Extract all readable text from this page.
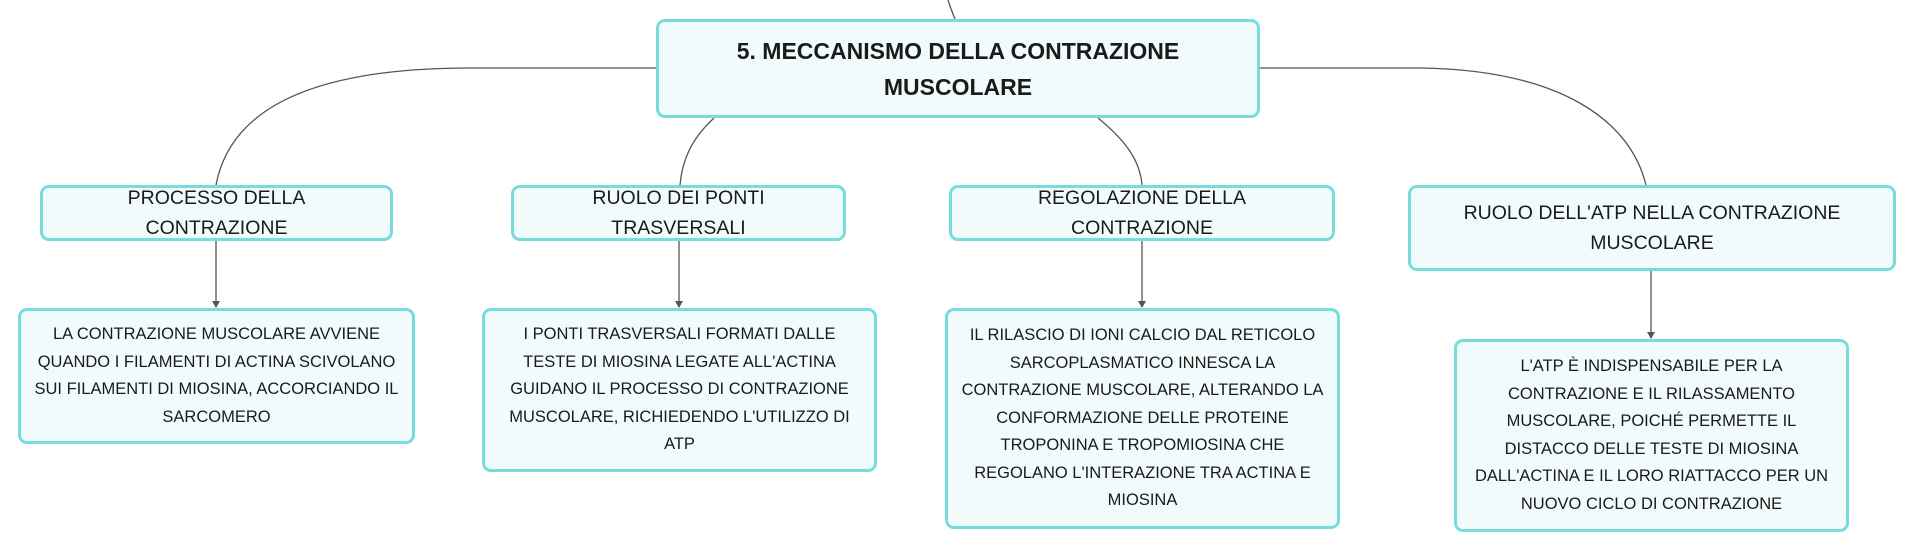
5. MECCANISMO DELLA CONTRAZIONE MUSCOLARE
PROCESSO DELLA CONTRAZIONE
RUOLO DEI PONTI TRASVERSALI
REGOLAZIONE DELLA CONTRAZIONE
RUOLO DELL'ATP NELLA CONTRAZIONE MUSCOLARE
LA CONTRAZIONE MUSCOLARE AVVIENE QUANDO I FILAMENTI DI ACTINA SCIVOLANO SUI FILAMENTI DI MIOSINA, ACCORCIANDO IL SARCOMERO
I PONTI TRASVERSALI FORMATI DALLE TESTE DI MIOSINA LEGATE ALL'ACTINA GUIDANO IL PROCESSO DI CONTRAZIONE MUSCOLARE, RICHIEDENDO L'UTILIZZO DI ATP
IL RILASCIO DI IONI CALCIO DAL RETICOLO SARCOPLASMATICO INNESCA LA CONTRAZIONE MUSCOLARE, ALTERANDO LA CONFORMAZIONE DELLE PROTEINE TROPONINA E TROPOMIOSINA CHE REGOLANO L'INTERAZIONE TRA ACTINA E MIOSINA
L'ATP È INDISPENSABILE PER LA CONTRAZIONE E IL RILASSAMENTO MUSCOLARE, POICHÉ PERMETTE IL DISTACCO DELLE TESTE DI MIOSINA DALL'ACTINA E IL LORO RIATTACCO PER UN NUOVO CICLO DI CONTRAZIONE
